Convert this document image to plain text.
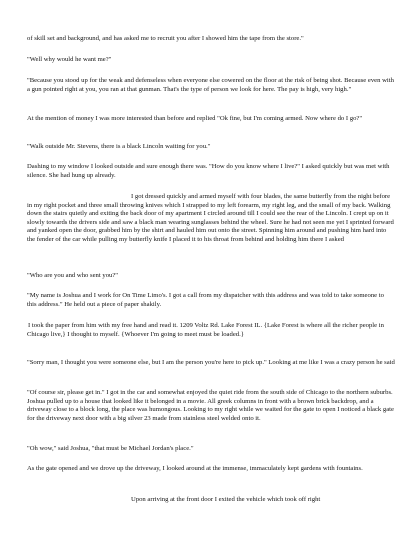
of skill set and background, and has asked me to recruit you after I showed him the tape from the store."

"Well why would he want me?"

"Because you stood up for the weak and defenseless when everyone else cowered on the floor at the risk of being shot. Because even with a gun pointed right at you, you ran at that gunman. That's the type of person we look for here. The pay is high, very high."

At the mention of money I was more interested than before and replied "Ok fine, but I'm coming armed. Now where do I go?"

"Walk outside Mr. Stevens, there is a black Lincoln waiting for you."

Dashing to my window I looked outside and sure enough there was. "How do you know where I live?" I asked quickly but was met with silence. She had hung up already.

I got dressed quickly and armed myself with four blades, the same butterfly from the night before in my right pocket and three small throwing knives which I strapped to my left forearm, my right leg, and the small of my back. Walking down the stairs quietly and exiting the back door of my apartment I circled around till I could see the rear of the Lincoln. I crept up on it slowly towards the drivers side and saw a black man wearing sunglasses behind the wheel. Sure he had not seen me yet I sprinted forward and yanked open the door, grabbed him by the shirt and hauled him out onto the street. Spinning him around and pushing him hard into the fender of the car while pulling my butterfly knife I placed it to his throat from behind and holding him there I asked

"Who are you and who sent you?"

"My name is Joshua and I work for On Time Limo's. I got a call from my dispatcher with this address and was told to take someone to this address." He held out a piece of paper shakily.

I took the paper from him with my free hand and read it. 1209 Voltz Rd. Lake Forest IL. {Lake Forest is where all the richer people in Chicago live,} I thought to myself. {Whoever I'm going to meet must be loaded.}

"Sorry man, I thought you were someone else, but I am the person you're here to pick up." Looking at me like I was a crazy person he said

"Of course sir, please get in." I got in the car and somewhat enjoyed the quiet ride from the south side of Chicago to the northern suburbs. Joshua pulled up to a house that looked like it belonged in a movie. All greek columns in front with a brown brick backdrop, and a driveway close to a block long, the place was humongous. Looking to my right while we waited for the gate to open I noticed a black gate for the driveway next door with a big silver 23 made from stainless steel welded onto it.

"Oh wow," said Joshua, "that must be Michael Jordan's place."

As the gate opened and we drove up the driveway, I looked around at the immense, immaculately kept gardens with fountains.

Upon arriving at the front door I exited the vehicle which took off right
